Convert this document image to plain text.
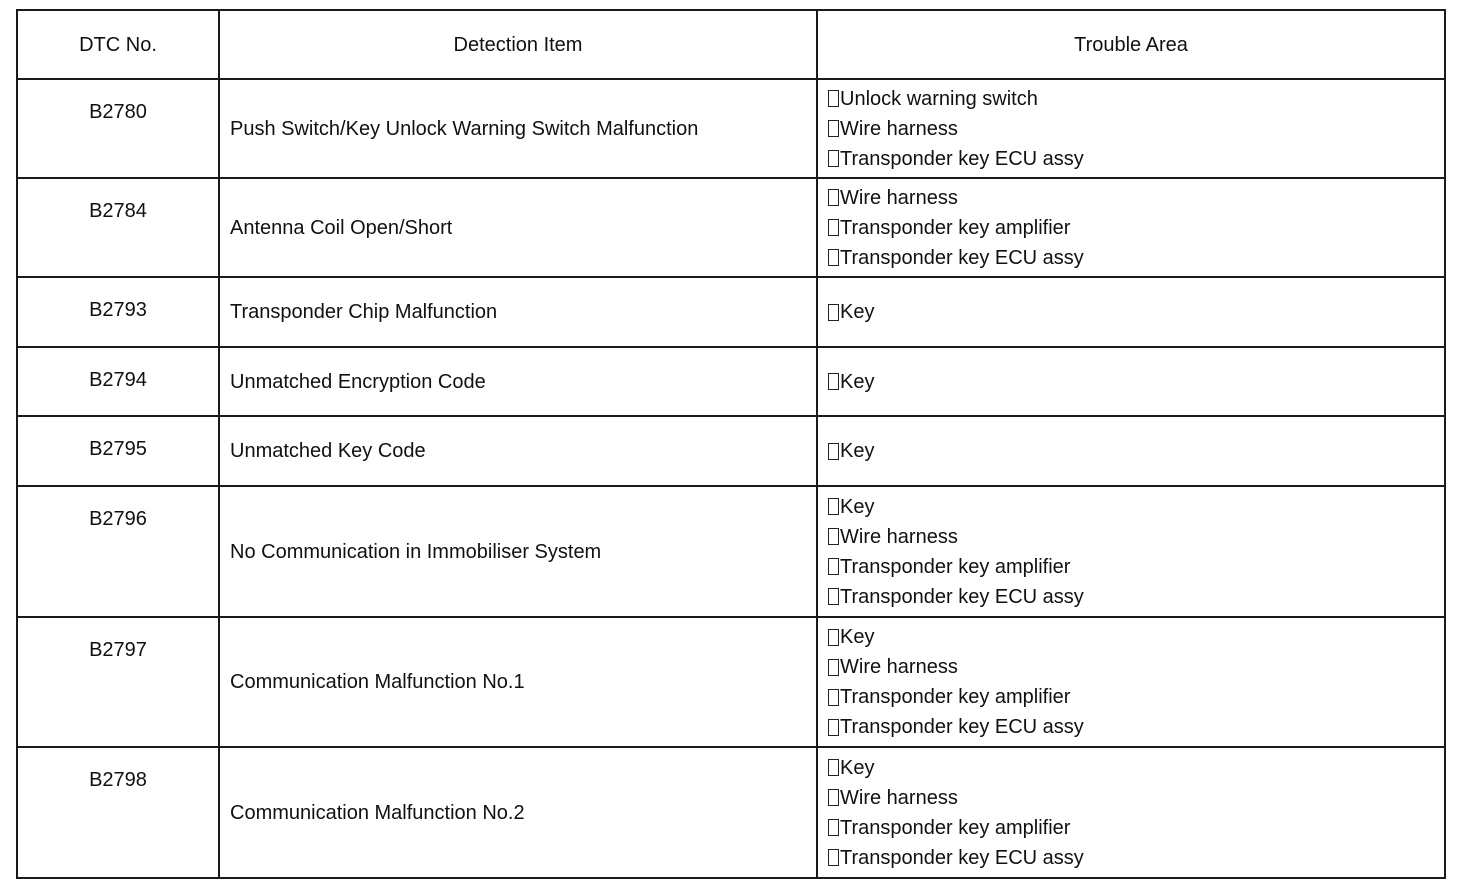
DTC No.	Detection Item	Trouble Area
B2780	Push Switch/Key Unlock Warning Switch Malfunction	Unlock warning switch
Wire harness
Transponder key ECU assy

B2784	Antenna Coil Open/Short	Wire harness
Transponder key amplifier
Transponder key ECU assy

B2793	Transponder Chip Malfunction	Key

B2794	Unmatched Encryption Code	Key

B2795	Unmatched Key Code	Key

B2796	No Communication in Immobiliser System	Key
Wire harness
Transponder key amplifier
Transponder key ECU assy

B2797	Communication Malfunction No.1	Key
Wire harness
Transponder key amplifier
Transponder key ECU assy

B2798	Communication Malfunction No.2	Key
Wire harness
Transponder key amplifier
Transponder key ECU assy
